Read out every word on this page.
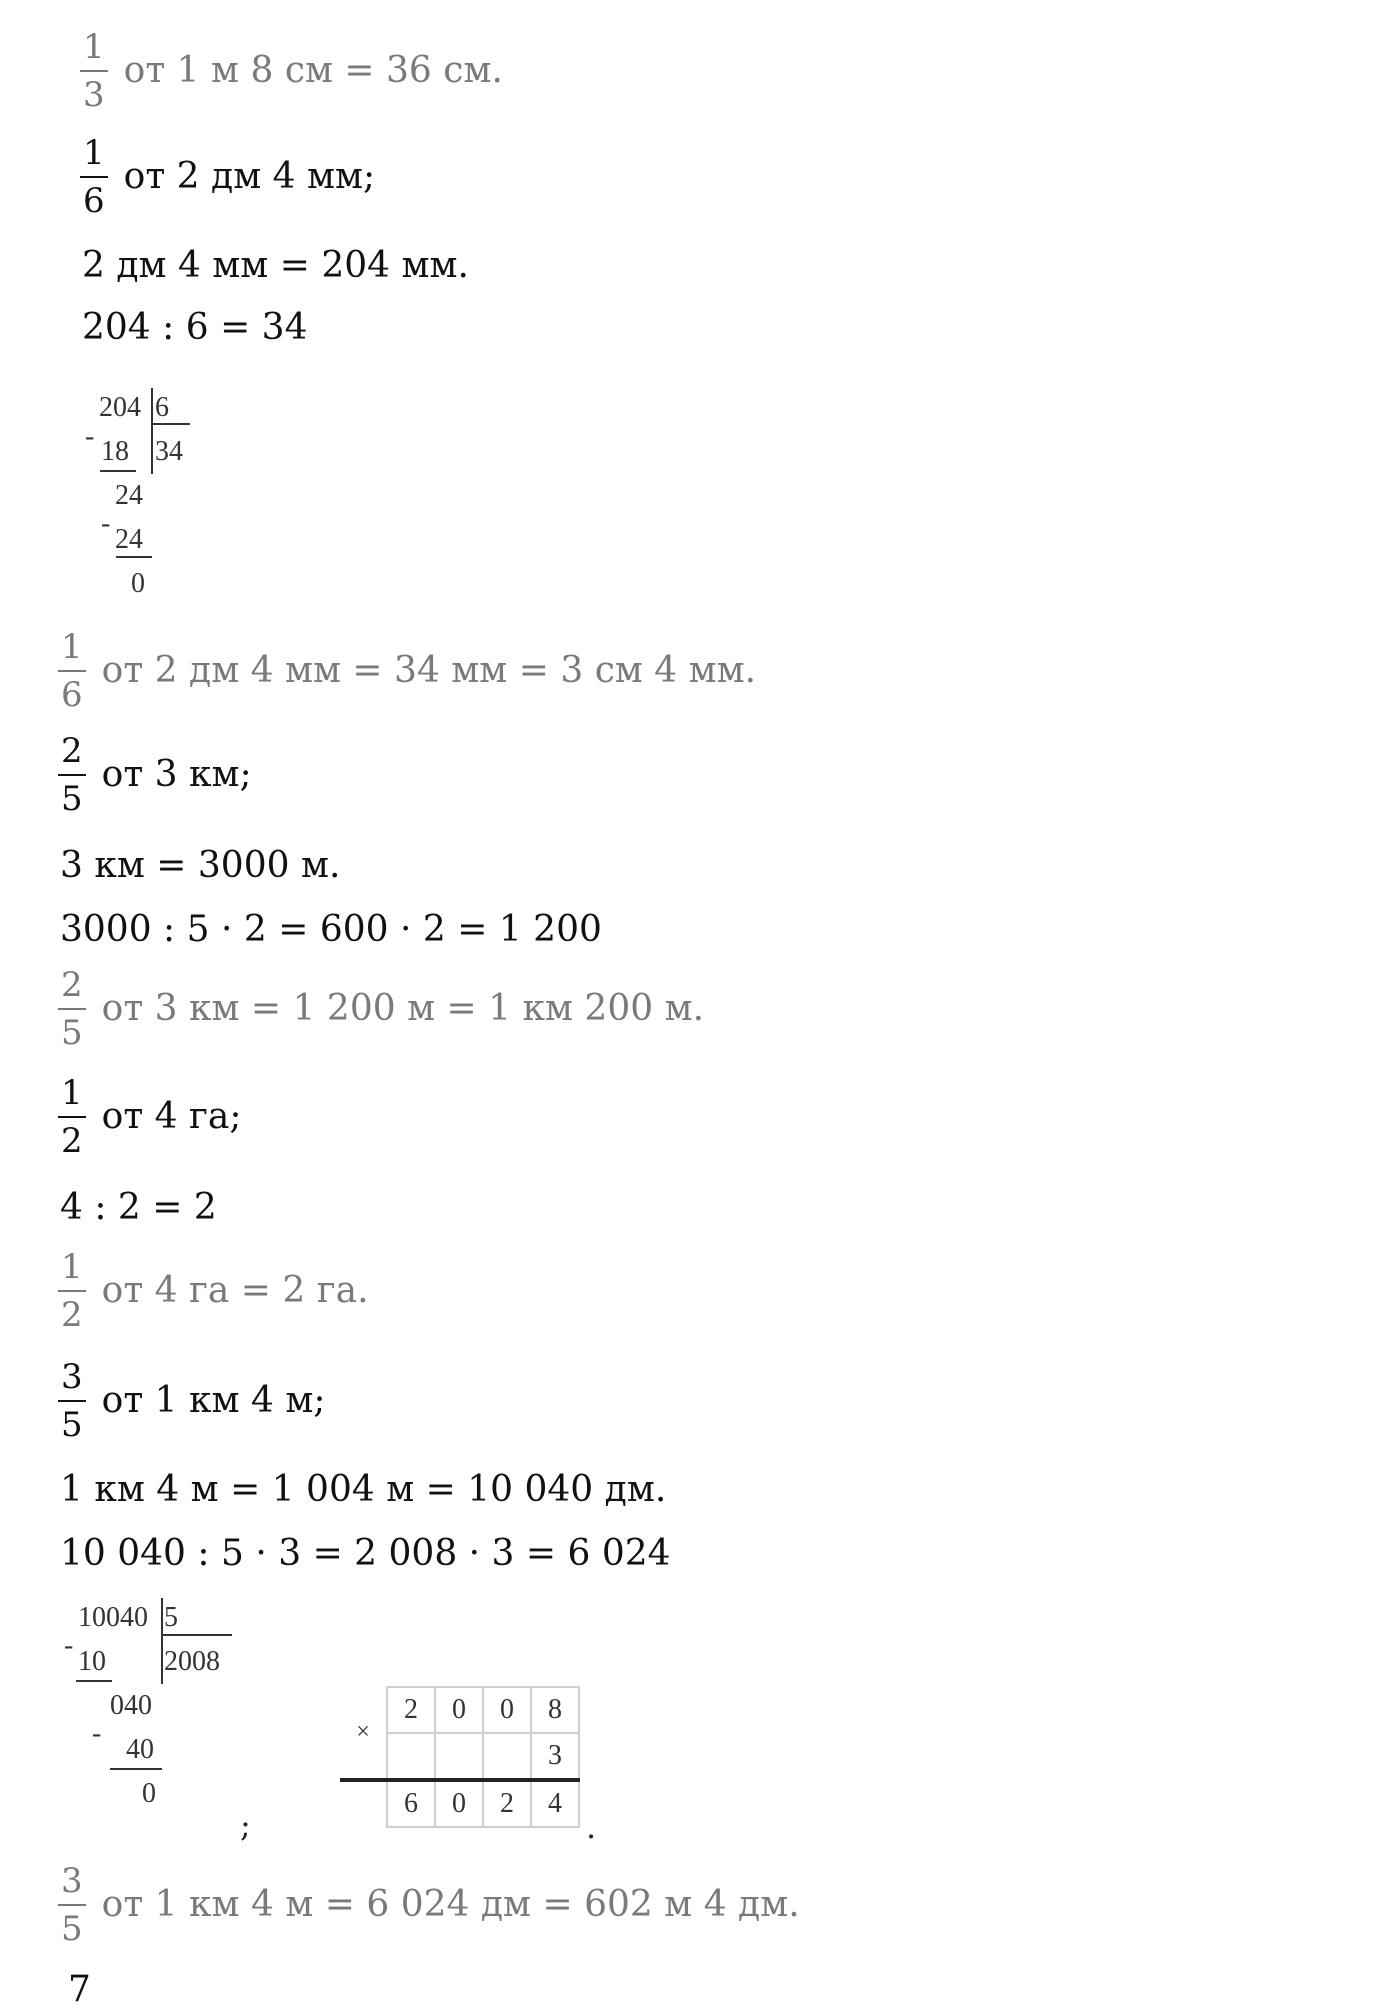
$\frac{1}{3}$ от 1 м 8 см = 36 см.
$\frac{1}{6}$ от 2 дм 4 мм;
2 дм 4 мм = 204 мм.
204 : 6 = 34
-
204 6
18 34
24
-
24
0
$\frac{1}{6}$ от 2 дм 4 мм = 34 мм = 3 см 4 мм.
$\frac{2}{5}$ от 3 км;
3 км = 3000 м.
3000 : 5 · 2 = 600 · 2 = 1 200
$\frac{2}{5}$ от 3 км = 1 200 м = 1 км 200 м.
$\frac{1}{2}$ от 4 га;
4 : 2 = 2
$\frac{1}{2}$ от 4 га = 2 га.
$\frac{3}{5}$ от 1 км 4 м;
1 км 4 м = 1 004 м = 10 040 дм.
10 040 : 5 · 3 = 2 008 · 3 = 6 024
-
10040 5
10 2008
040
-
40
0
×	2	0	0	8
				3
	6	0	2	4
;	.
$\frac{3}{5}$ от 1 км 4 м = 6 024 дм = 602 м 4 дм.
7
